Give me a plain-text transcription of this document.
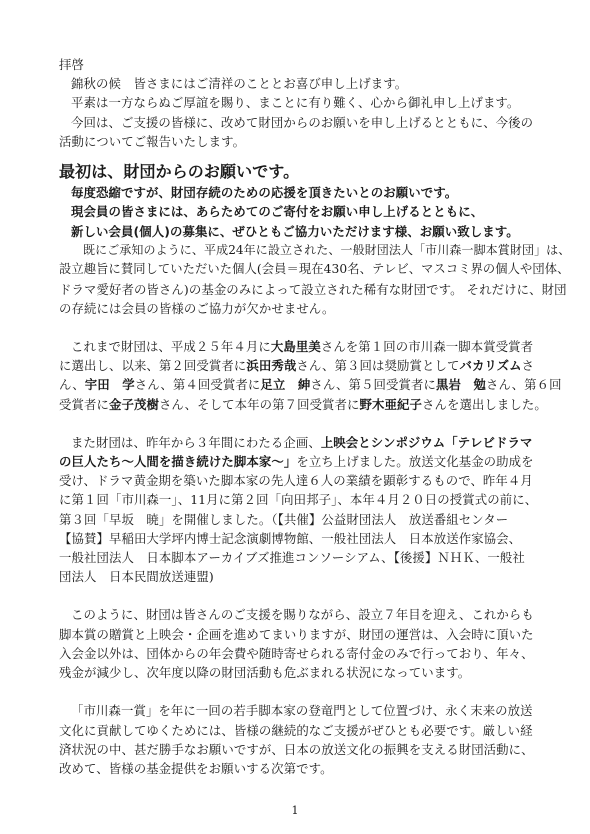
拝啓

錦秋の候　皆さまにはご清祥のこととお喜び申し上げます。

平素は一方ならぬご厚誼を賜り、まことに有り難く、心から御礼申し上げます。

今回は、ご支援の皆様に、改めて財団からのお願いを申し上げるとともに、今後の

活動についてご報告いたします。

最初は、財団からのお願いです。

毎度恐縮ですが、財団存続のための応援を頂きたいとのお願いです。

現会員の皆さまには、あらためてのご寄付をお願い申し上げるとともに、

新しい会員(個人)の募集に、ぜひともご協力いただけます様、お願い致します。

既にご承知のように、平成24年に設立された、一般財団法人「市川森一脚本賞財団」は、

設立趣旨に賛同していただいた個人(会員＝現在430名、テレビ、マスコミ界の個人や団体、

ドラマ愛好者の皆さん)の基金のみによって設立された稀有な財団です。 それだけに、財団

の存続には会員の皆様のご協力が欠かせません。

これまで財団は、平成２５年４月に大島里美さんを第１回の市川森一脚本賞受賞者

に選出し、以来、第２回受賞者に浜田秀哉さん、第３回は奨励賞としてバカリズムさ

ん、宇田　学さん、第４回受賞者に足立　紳さん、第５回受賞者に黒岩　勉さん、第６回

受賞者に金子茂樹さん、そして本年の第７回受賞者に野木亜紀子さんを選出しました。

また財団は、昨年から３年間にわたる企画、上映会とシンポジウム「テレビドラマ

の巨人たち～人間を描き続けた脚本家～」を立ち上げました。放送文化基金の助成を

受け、ドラマ黄金期を築いた脚本家の先人達６人の業績を顕彰するもので、昨年４月

に第１回「市川森一」、11月に第２回「向田邦子」、本年４月２０日の授賞式の前に、

第３回「早坂　暁」を開催しました。（【共催】公益財団法人　放送番組センター

【協賛】早稲田大学坪内博士記念演劇博物館、一般社団法人　日本放送作家協会、

一般社団法人　日本脚本アーカイブズ推進コンソーシアム、【後援】ＮＨＫ、一般社

団法人　日本民間放送連盟)

このように、財団は皆さんのご支援を賜りながら、設立７年目を迎え、これからも

脚本賞の贈賞と上映会・企画を進めてまいりますが、財団の運営は、入会時に頂いた

入会金以外は、団体からの年会費や随時寄せられる寄付金のみで行っており、年々、

残金が減少し、次年度以降の財団活動も危ぶまれる状況になっています。

「市川森一賞」を年に一回の若手脚本家の登竜門として位置づけ、永く末来の放送

文化に貢献してゆくためには、皆様の継続的なご支援がぜひとも必要です。厳しい経

済状況の中、甚だ勝手なお願いですが、日本の放送文化の振興を支える財団活動に、

改めて、皆様の基金提供をお願いする次第です。

1
